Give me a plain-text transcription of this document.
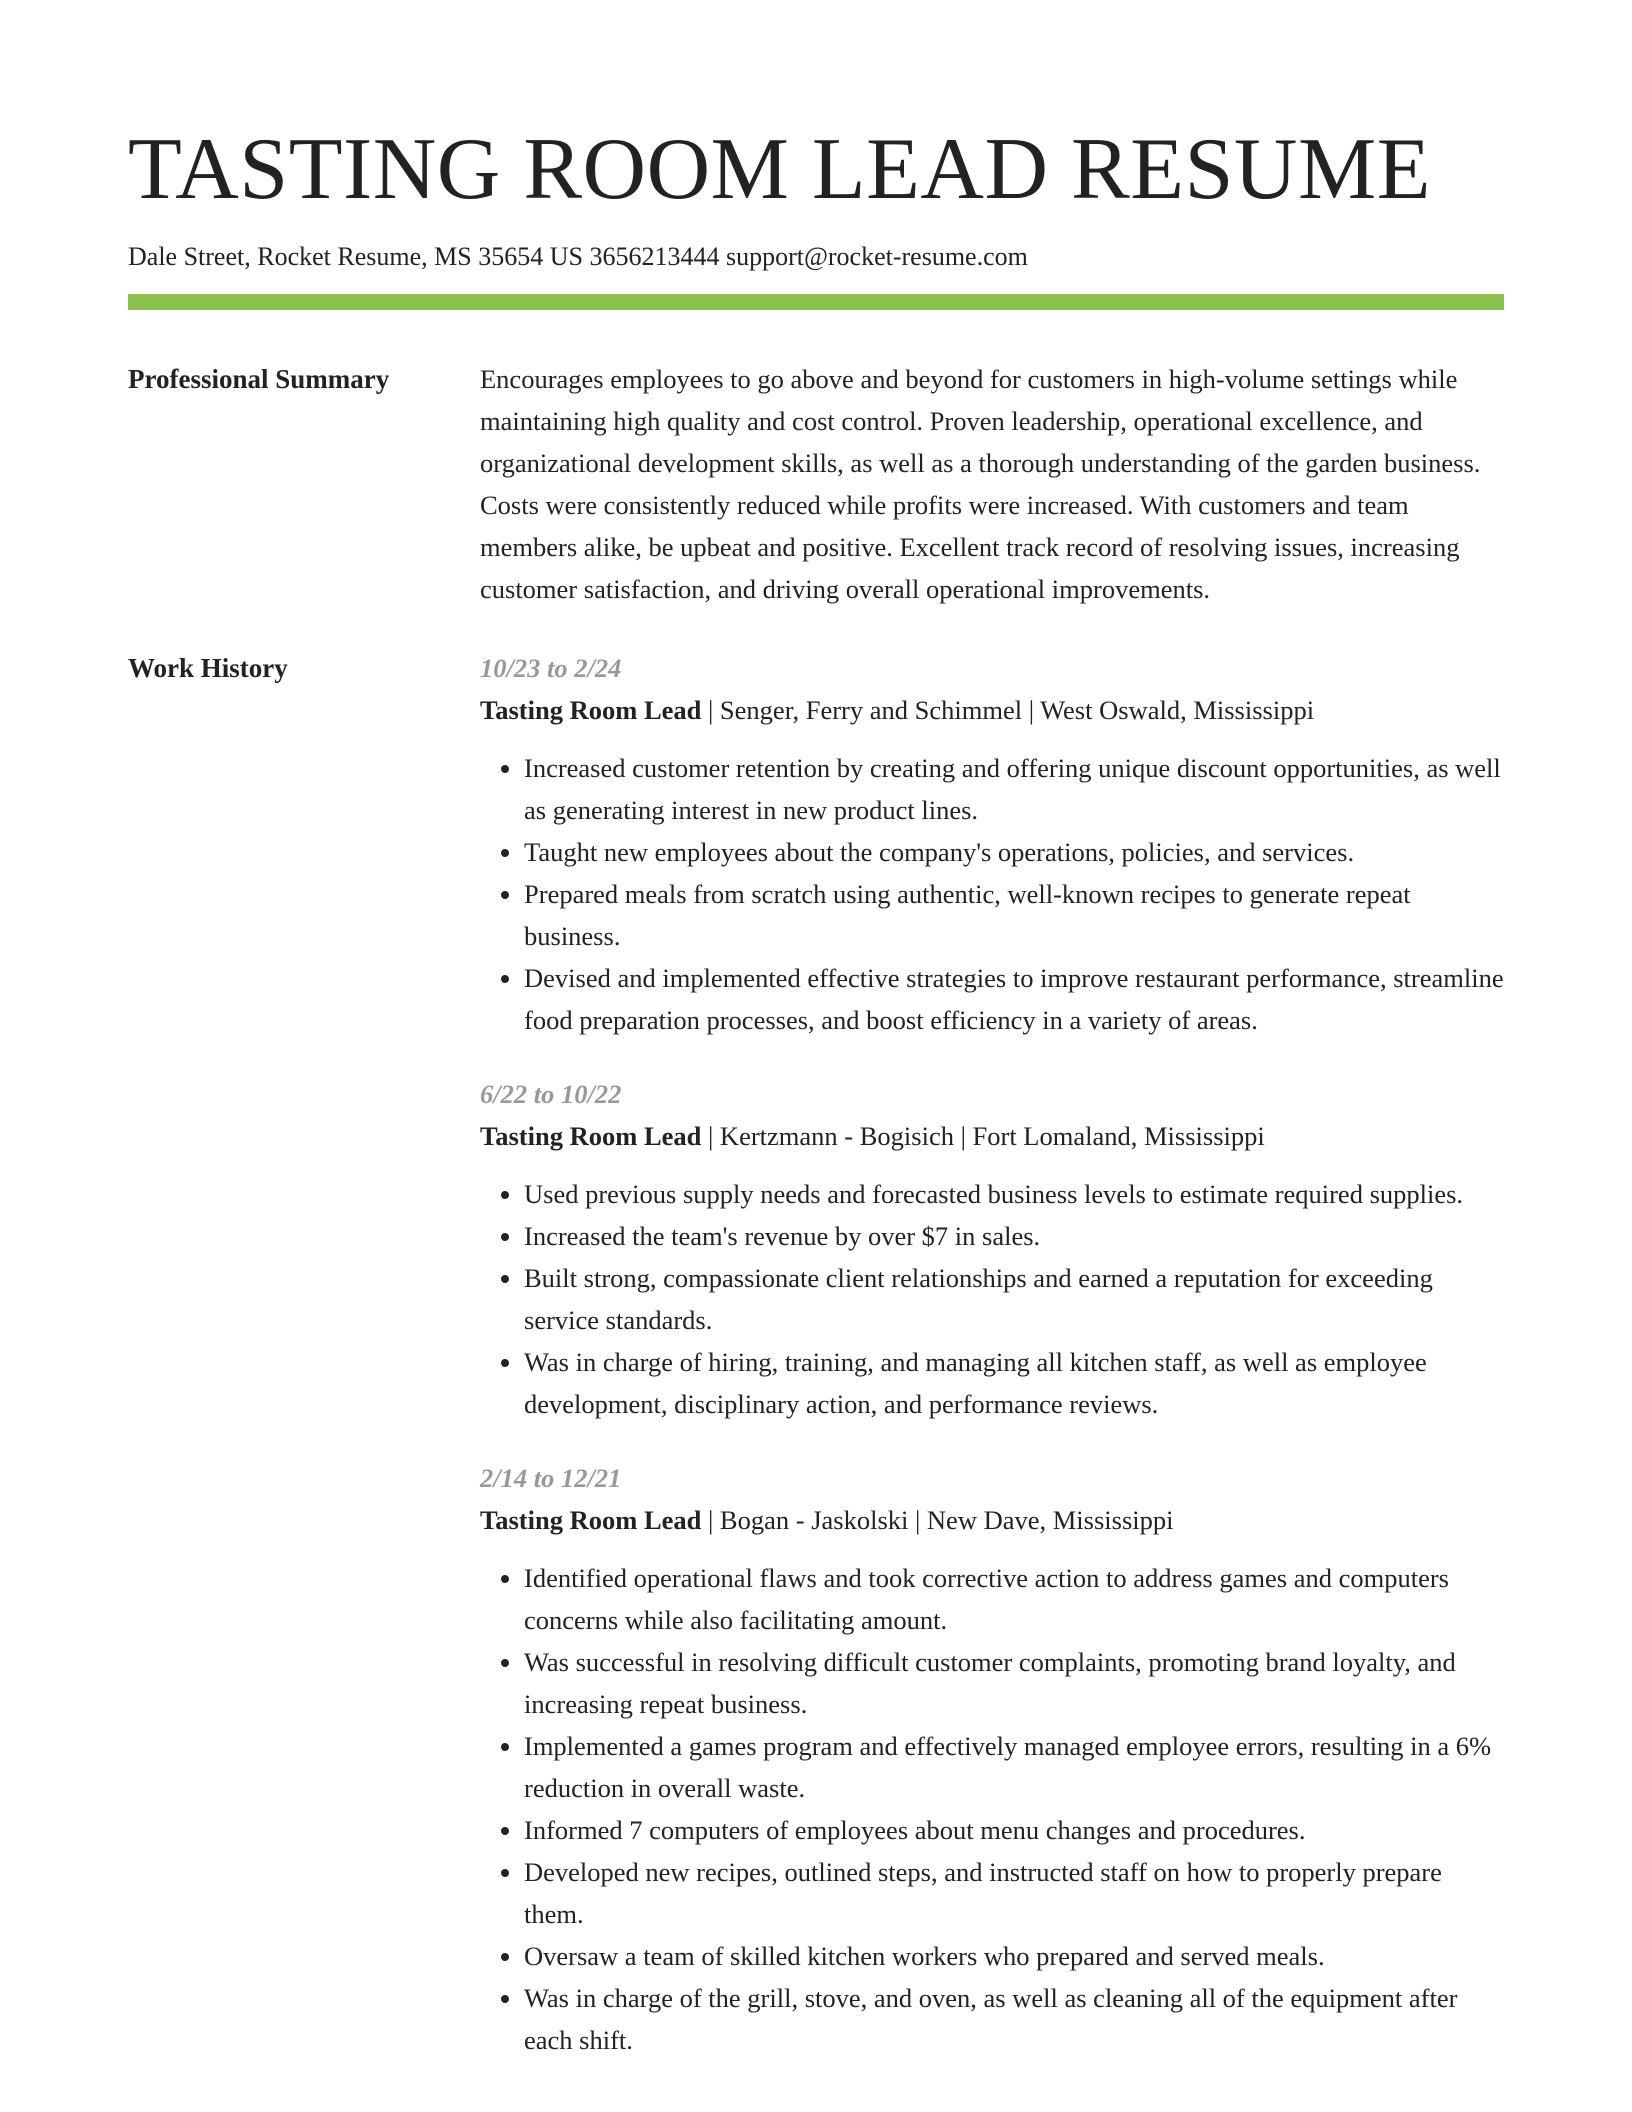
TASTING ROOM LEAD RESUME
Dale Street, Rocket Resume, MS 35654 US 3656213444 support@rocket-resume.com
Professional Summary	Encourages employees to go above and beyond for customers in high-volume settings while maintaining high quality and cost control. Proven leadership, operational excellence, and organizational development skills, as well as a thorough understanding of the garden business. Costs were consistently reduced while profits were increased. With customers and team members alike, be upbeat and positive. Excellent track record of resolving issues, increasing customer satisfaction, and driving overall operational improvements.

Work History	10/23 to 2/24
Tasting Room Lead | Senger, Ferry and Schimmel | West Oswald, Mississippi
• Increased customer retention by creating and offering unique discount opportunities, as well as generating interest in new product lines.
• Taught new employees about the company's operations, policies, and services.
• Prepared meals from scratch using authentic, well-known recipes to generate repeat business.
• Devised and implemented effective strategies to improve restaurant performance, streamline food preparation processes, and boost efficiency in a variety of areas.
6/22 to 10/22
Tasting Room Lead | Kertzmann - Bogisich | Fort Lomaland, Mississippi
• Used previous supply needs and forecasted business levels to estimate required supplies.
• Increased the team's revenue by over $7 in sales.
• Built strong, compassionate client relationships and earned a reputation for exceeding service standards.
• Was in charge of hiring, training, and managing all kitchen staff, as well as employee development, disciplinary action, and performance reviews.
2/14 to 12/21
Tasting Room Lead | Bogan - Jaskolski | New Dave, Mississippi
• Identified operational flaws and took corrective action to address games and computers concerns while also facilitating amount.
• Was successful in resolving difficult customer complaints, promoting brand loyalty, and increasing repeat business.
• Implemented a games program and effectively managed employee errors, resulting in a 6% reduction in overall waste.
• Informed 7 computers of employees about menu changes and procedures.
• Developed new recipes, outlined steps, and instructed staff on how to properly prepare them.
• Oversaw a team of skilled kitchen workers who prepared and served meals.
• Was in charge of the grill, stove, and oven, as well as cleaning all of the equipment after each shift.
